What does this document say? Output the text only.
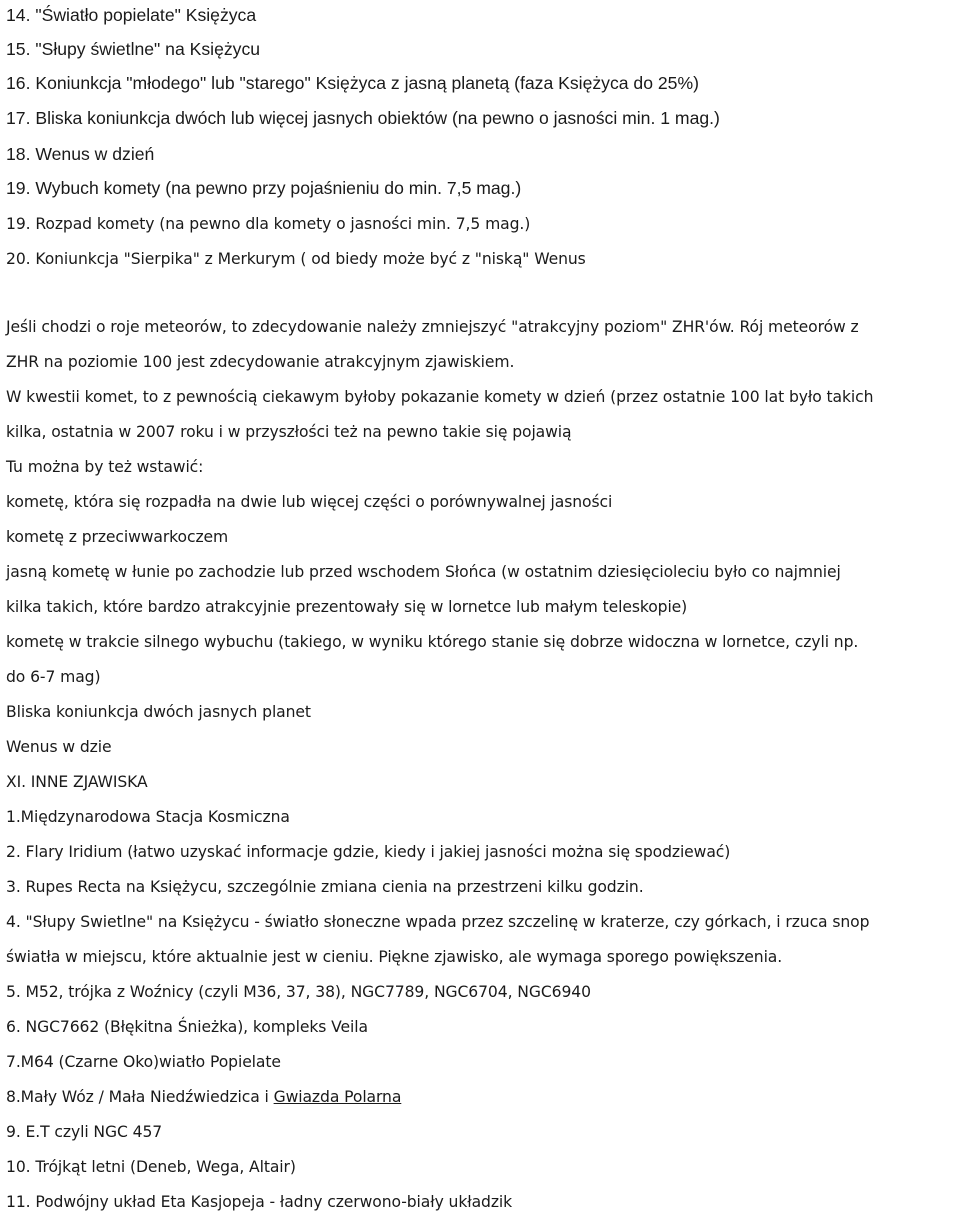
14. "Światło popielate" Księżyca
15. "Słupy świetlne" na Księżycu
16. Koniunkcja "młodego" lub "starego" Księżyca z jasną planetą (faza Księżyca do 25%)
17. Bliska koniunkcja dwóch lub więcej jasnych obiektów (na pewno o jasności min. 1 mag.)
18. Wenus w dzień
19. Wybuch komety (na pewno przy pojaśnieniu do min. 7,5 mag.)
19. Rozpad komety (na pewno dla komety o jasności min. 7,5 mag.)
20. Koniunkcja "Sierpika" z Merkurym ( od biedy może być z "niską" Wenus
Jeśli chodzi o roje meteorów, to zdecydowanie należy zmniejszyć "atrakcyjny poziom" ZHR'ów. Rój meteorów z
ZHR na poziomie 100 jest zdecydowanie atrakcyjnym zjawiskiem.
W kwestii komet, to z pewnością ciekawym byłoby pokazanie komety w dzień (przez ostatnie 100 lat było takich
kilka, ostatnia w 2007 roku i w przyszłości też na pewno takie się pojawią
Tu można by też wstawić:
kometę, która się rozpadła na dwie lub więcej części o porównywalnej jasności
kometę z przeciwwarkoczem
jasną kometę w łunie po zachodzie lub przed wschodem Słońca (w ostatnim dziesięcioleciu było co najmniej
kilka takich, które bardzo atrakcyjnie prezentowały się w lornetce lub małym teleskopie)
kometę w trakcie silnego wybuchu (takiego, w wyniku którego stanie się dobrze widoczna w lornetce, czyli np.
do 6-7 mag)
Bliska koniunkcja dwóch jasnych planet
Wenus w dzie
XI. INNE ZJAWISKA
1.Międzynarodowa Stacja Kosmiczna
2. Flary Iridium (łatwo uzyskać informacje gdzie, kiedy i jakiej jasności można się spodziewać)
3. Rupes Recta na Księżycu, szczególnie zmiana cienia na przestrzeni kilku godzin.
4. "Słupy Swietlne" na Księżycu - światło słoneczne wpada przez szczelinę w kraterze, czy górkach, i rzuca snop
światła w miejscu, które aktualnie jest w cieniu. Piękne zjawisko, ale wymaga sporego powiększenia.
5. M52, trójka z Woźnicy (czyli M36, 37, 38), NGC7789, NGC6704, NGC6940
6. NGC7662 (Błękitna Śnieżka), kompleks Veila
7.M64 (Czarne Oko)wiatło Popielate
8.Mały Wóz / Mała Niedźwiedzica i Gwiazda Polarna
9. E.T czyli NGC 457
10. Trójkąt letni (Deneb, Wega, Altair)
11. Podwójny układ Eta Kasjopeja - ładny czerwono-biały układzik
